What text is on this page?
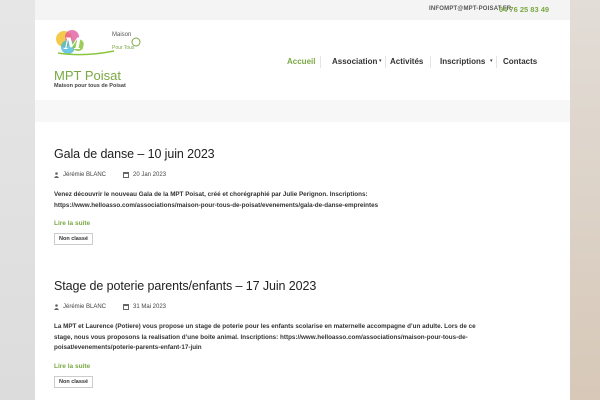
INFOMPT@MPT-POISAT.FR
04 76 25 83 49
Mpt Maison
Pour Tous
MPT Poisat
Maison pour tous de Poisat
Accueil Association ▾ Activités Inscriptions ▾ Contacts
Gala de danse – 10 juin 2023
Jérémie BLANC	20 Jan 2023
Venez découvrir le nouveau Gala de la MPT Poisat, créé et chorégraphié par Julie Perignon. Inscriptions:
https://www.helloasso.com/associations/maison-pour-tous-de-poisat/evenements/gala-de-danse-empreintes
Lire la suite
Non classé
Stage de poterie parents/enfants – 17 Juin 2023
Jérémie BLANC	31 Mai 2023
La MPT et Laurence (Potiere) vous propose un stage de poterie pour les enfants scolarise en maternelle accompagne d’un adulte. Lors de ce
stage, nous vous proposons la realisation d’une boite animal. Inscriptions: https://www.helloasso.com/associations/maison-pour-tous-de-
poisat/evenements/poterie-parents-enfant-17-juin
Lire la suite
Non classé
